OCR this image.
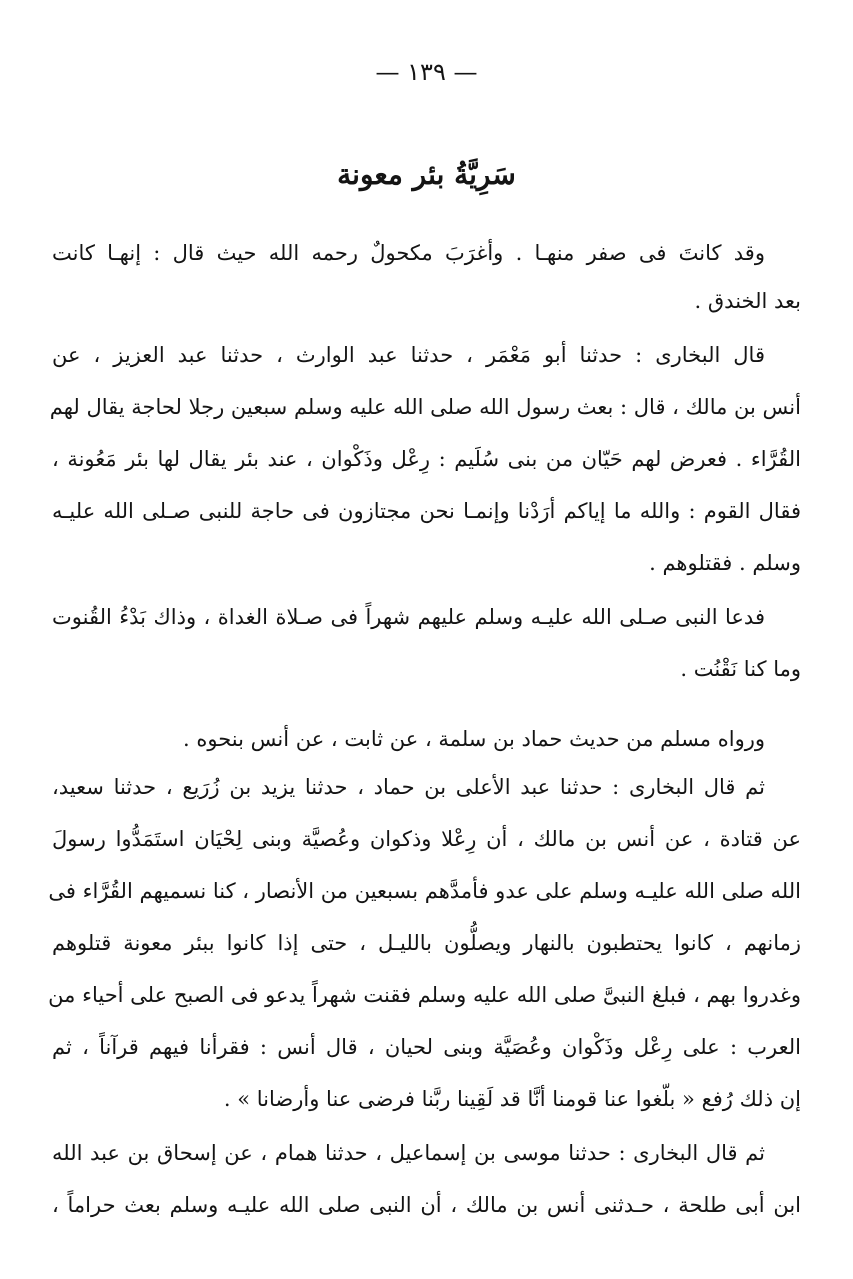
— ١٣٩ —
سَرِيَّةُ بئر معونة
وقد كانتَ فى صفر منهـا . وأغرَبَ مكحولٌ رحمه الله حيث قال : إنهـا كانت
بعد الخندق .
قال البخارى : حدثنا أبو مَعْمَر ، حدثنا عبد الوارث ، حدثنا عبد العزيز ، عن
أنس بن مالك ، قال : بعث رسول الله صلى الله عليه وسلم سبعين رجلا لحاجة يقال لهم
القُرَّاء . فعرض لهم حَيّان من بنى سُلَيم : رِعْل وذَكْوان ، عند بئر يقال لها بئر مَعُونة ،
فقال القوم : والله ما إياكم أرَدْنا وإنمـا نحن مجتازون فى حاجة للنبى صـلى الله عليـه
وسلم . فقتلوهم .
فدعا النبى صـلى الله عليـه وسلم عليهم شهراً فى صـلاة الغداة ، وذاك بَدْءُ القُنوت
وما كنا نَقْنُت .
ورواه مسلم من حديث حماد بن سلمة ، عن ثابت ، عن أنس بنحوه .
ثم قال البخارى : حدثنا عبد الأعلى بن حماد ، حدثنا يزيد بن زُرَيع ، حدثنا سعيد،
عن قتادة ، عن أنس بن مالك ، أن رِعْلا وذكوان وعُصيَّة وبنى لِحْيَان استَمَدُّوا رسولَ
الله صلى الله عليـه وسلم على عدو فأمدَّهم بسبعين من الأنصار ، كنا نسميهم القُرَّاء فى
زمانهم ، كانوا يحتطبون بالنهار ويصلُّون بالليـل ، حتى إذا كانوا ببئر معونة قتلوهم
وغدروا بهم ، فبلغ النبىَّ صلى الله عليه وسلم فقنت شهراً يدعو فى الصبح على أحياء من
العرب : على رِعْل وذَكْوان وعُصَيَّة وبنى لحيان ، قال أنس : فقرأنا فيهم قرآناً ، ثم
إن ذلك رُفع « بلّغوا عنا قومنا أنَّا قد لَقِينا ربَّنا فرضى عنا وأرضانا » .
ثم قال البخارى : حدثنا موسى بن إسماعيل ، حدثنا همام ، عن إسحاق بن عبد الله
ابن أبى طلحة ، حـدثنى أنس بن مالك ، أن النبى صلى الله عليـه وسلم بعث حراماً ،
